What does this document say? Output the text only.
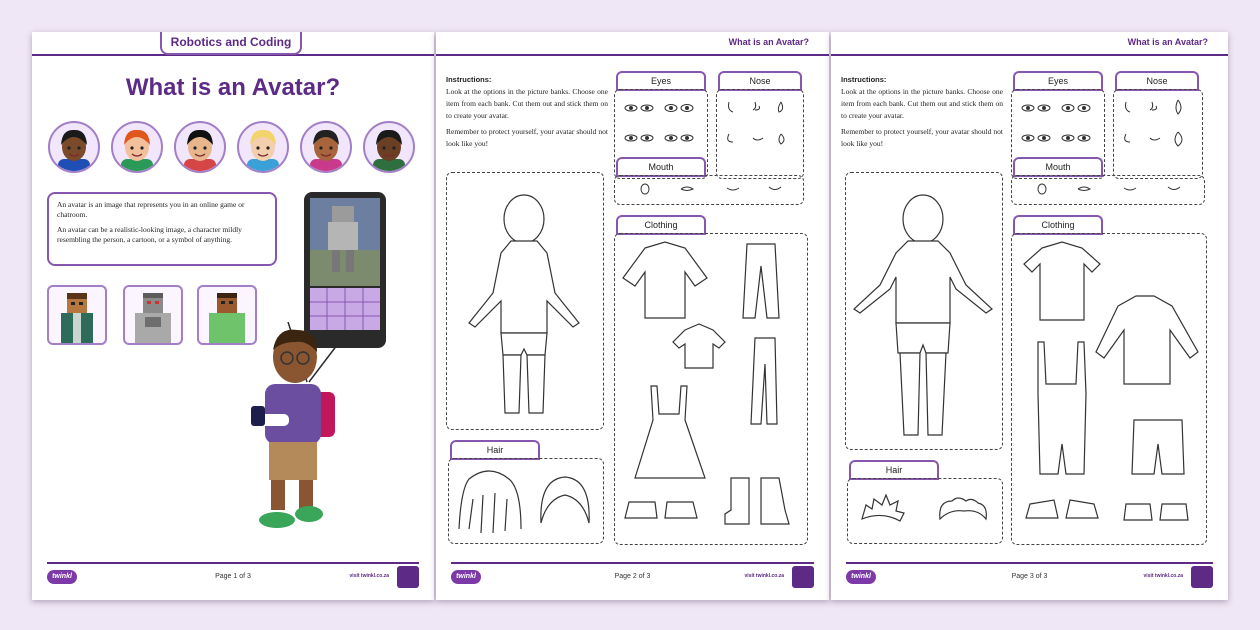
Robotics and Coding
What is an Avatar?

An avatar is an image that represents you in an online game or chatroom.

An avatar can be a realistic-looking image, a character mildly resembling the person, a cartoon, or a symbol of anything.

twinkl	Page 1 of 3	visit twinkl.co.za
What is an Avatar?
Instructions:

Look at the options in the picture banks. Choose one item from each bank. Cut them out and stick them on to create your avatar.

Remember to protect yourself, your avatar should not look like you!

Eyes	Nose
Mouth
Hair
Clothing
twinkl	Page 2 of 3	visit twinkl.co.za
What is an Avatar?
Instructions:

Look at the options in the picture banks. Choose one item from each bank. Cut them out and stick them on to create your avatar.

Remember to protect yourself, your avatar should not look like you!

Eyes	Nose
Mouth
Hair
Clothing
twinkl	Page 3 of 3	visit twinkl.co.za
